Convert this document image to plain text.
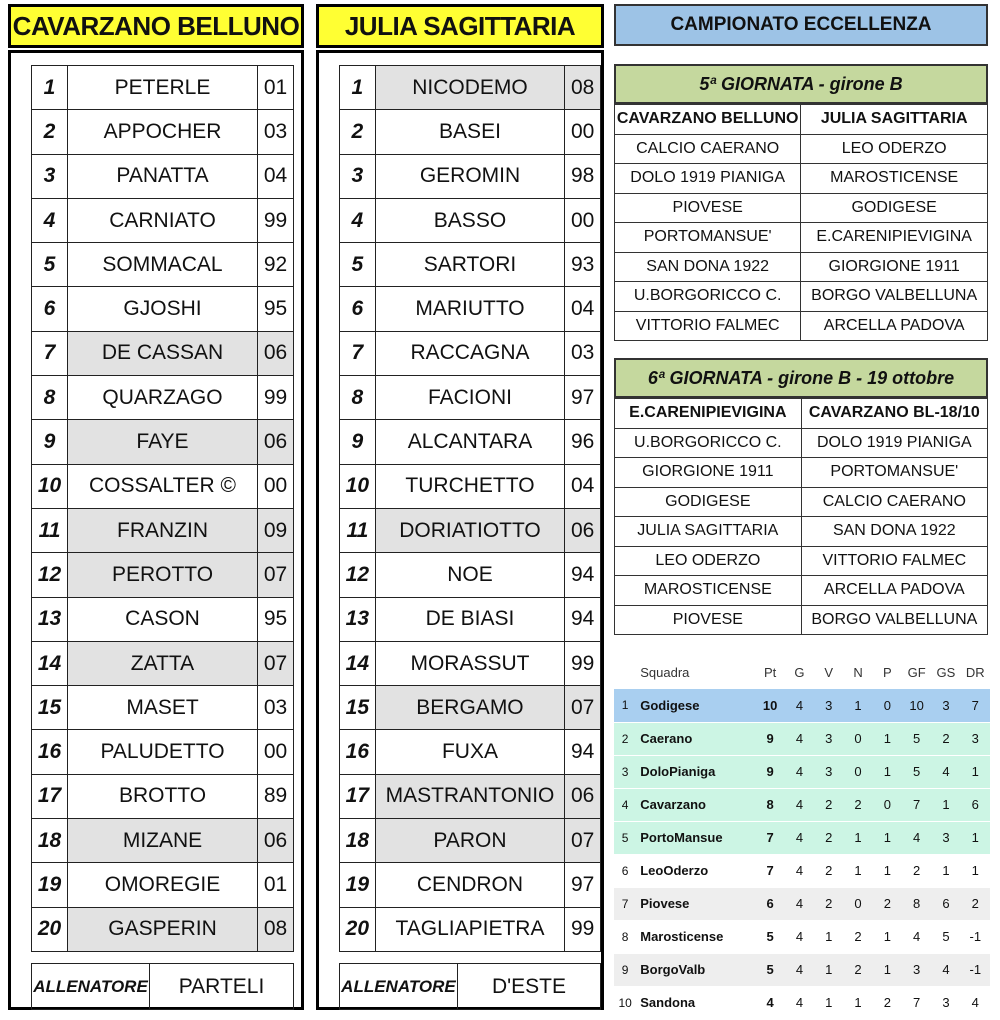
CAVARZANO BELLUNO
1	PETERLE	01
2	APPOCHER	03
3	PANATTA	04
4	CARNIATO	99
5	SOMMACAL	92
6	GJOSHI	95
7	DE CASSAN	06
8	QUARZAGO	99
9	FAYE	06
10	COSSALTER ©	00
11	FRANZIN	09
12	PEROTTO	07
13	CASON	95
14	ZATTA	07
15	MASET	03
16	PALUDETTO	00
17	BROTTO	89
18	MIZANE	06
19	OMOREGIE	01
20	GASPERIN	08
ALLENATORE	PARTELI
JULIA SAGITTARIA
1	NICODEMO	08
2	BASEI	00
3	GEROMIN	98
4	BASSO	00
5	SARTORI	93
6	MARIUTTO	04
7	RACCAGNA	03
8	FACIONI	97
9	ALCANTARA	96
10	TURCHETTO	04
11	DORIATIOTTO	06
12	NOE	94
13	DE BIASI	94
14	MORASSUT	99
15	BERGAMO	07
16	FUXA	94
17	MASTRANTONIO	06
18	PARON	07
19	CENDRON	97
20	TAGLIAPIETRA	99
ALLENATORE	D'ESTE
CAMPIONATO ECCELLENZA
5ª GIORNATA - girone B
CAVARZANO BELLUNO	JULIA SAGITTARIA
CALCIO CAERANO	LEO ODERZO
DOLO 1919 PIANIGA	MAROSTICENSE
PIOVESE	GODIGESE
PORTOMANSUE'	E.CARENIPIEVIGINA
SAN DONA 1922	GIORGIONE 1911
U.BORGORICCO C.	BORGO VALBELLUNA
VITTORIO FALMEC	ARCELLA PADOVA
6ª GIORNATA - girone B - 19 ottobre
E.CARENIPIEVIGINA	CAVARZANO BL-18/10
U.BORGORICCO C.	DOLO 1919 PIANIGA
GIORGIONE 1911	PORTOMANSUE'
GODIGESE	CALCIO CAERANO
JULIA SAGITTARIA	SAN DONA 1922
LEO ODERZO	VITTORIO FALMEC
MAROSTICENSE	ARCELLA PADOVA
PIOVESE	BORGO VALBELLUNA
	Squadra	Pt	G	V	N	P	GF	GS	DR
1	Godigese	10	4	3	1	0	10	3	7
2	Caerano	9	4	3	0	1	5	2	3
3	DoloPianiga	9	4	3	0	1	5	4	1
4	Cavarzano	8	4	2	2	0	7	1	6
5	PortoMansue	7	4	2	1	1	4	3	1
6	LeoOderzo	7	4	2	1	1	2	1	1
7	Piovese	6	4	2	0	2	8	6	2
8	Marosticense	5	4	1	2	1	4	5	-1
9	BorgoValb	5	4	1	2	1	3	4	-1
10	Sandona	4	4	1	1	2	7	3	4
